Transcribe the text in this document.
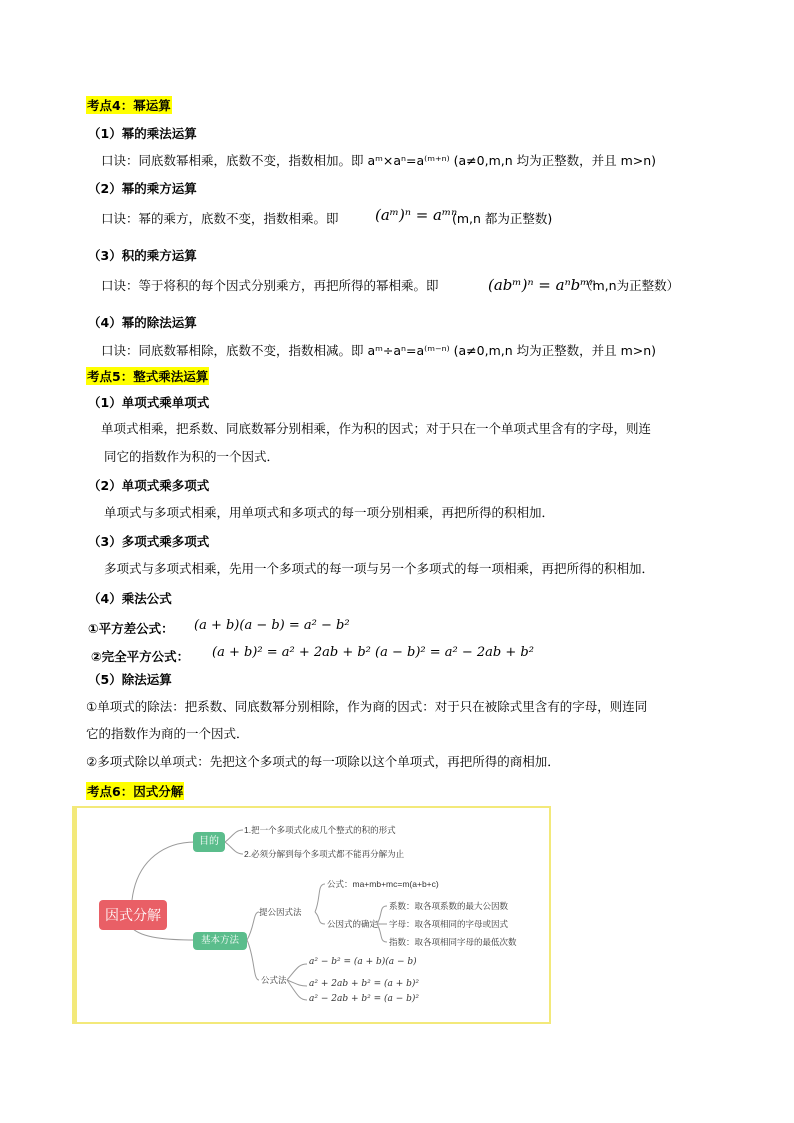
考点4：幂运算
（1）幂的乘法运算
口诀：同底数幂相乘，底数不变，指数相加。即 aᵐ×aⁿ=a⁽ᵐ⁺ⁿ⁾ (a≠0,m,n 均为正整数，并且 m>n)
（2）幂的乘方运算
口诀：幂的乘方，底数不变，指数相乘。即 (aᵐ)ⁿ = aᵐⁿ
(m,n 都为正整数)
（3）积的乘方运算
口诀：等于将积的每个因式分别乘方，再把所得的幂相乘。即	(abᵐ)ⁿ = aⁿbᵐⁿ
（m,n为正整数）
（4）幂的除法运算
口诀：同底数幂相除，底数不变，指数相减。即 aᵐ÷aⁿ=a⁽ᵐ⁻ⁿ⁾ (a≠0,m,n 均为正整数，并且 m>n)
考点5：整式乘法运算
（1）单项式乘单项式
单项式相乘，把系数、同底数幂分别相乘，作为积的因式；对于只在一个单项式里含有的字母，则连
同它的指数作为积的一个因式．
（2）单项式乘多项式
单项式与多项式相乘，用单项式和多项式的每一项分别相乘，再把所得的积相加．
（3）多项式乘多项式
多项式与多项式相乘，先用一个多项式的每一项与另一个多项式的每一项相乘，再把所得的积相加．
（4）乘法公式
①平方差公式： (a + b)(a − b) = a² − b²
②完全平方公式： (a + b)² = a² + 2ab + b² (a − b)² = a² − 2ab + b²
（5）除法运算
①单项式的除法：把系数、同底数幂分别相除，作为商的因式：对于只在被除式里含有的字母，则连同
它的指数作为商的一个因式．
②多项式除以单项式：先把这个多项式的每一项除以这个单项式，再把所得的商相加．
考点6：因式分解
因式分解
目的
基本方法
1.把一个多项式化成几个整式的积的形式
2.必须分解到每个多项式都不能再分解为止
提公因式法
公式：ma+mb+mc=m(a+b+c)
公因式的确定
系数：取各项系数的最大公因数
字母：取各项相同的字母或因式
指数：取各项相同字母的最低次数
公式法
a² − b² = (a + b)(a − b)
a² + 2ab + b² = (a + b)²
a² − 2ab + b² = (a − b)²
